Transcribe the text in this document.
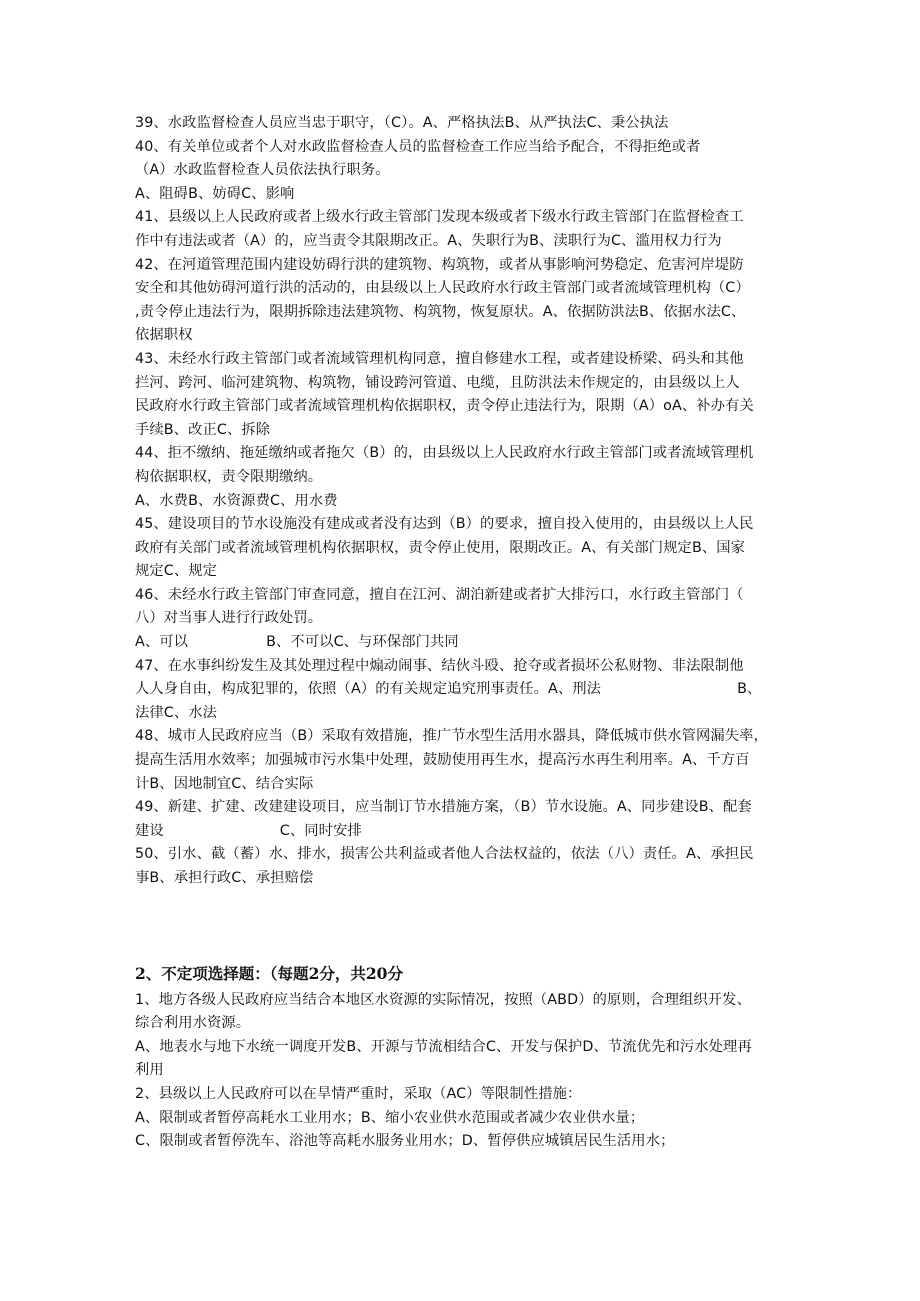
39、水政监督检查人员应当忠于职守，（C）。A、严格执法B、从严执法C、秉公执法
40、有关单位或者个人对水政监督检查人员的监督检查工作应当给予配合，不得拒绝或者
（A）水政监督检查人员依法执行职务。
A、阻碍B、妨碍C、影响
41、县级以上人民政府或者上级水行政主管部门发现本级或者下级水行政主管部门在监督检查工
作中有违法或者（A）的，应当责令其限期改正。A、失职行为B、渎职行为C、滥用权力行为
42、在河道管理范围内建设妨碍行洪的建筑物、构筑物，或者从事影响河势稳定、危害河岸堤防
安全和其他妨碍河道行洪的活动的，由县级以上人民政府水行政主管部门或者流域管理机构（C）
,责令停止违法行为，限期拆除违法建筑物、构筑物，恢复原状。A、依据防洪法B、依据水法C、
依据职权
43、未经水行政主管部门或者流域管理机构同意，擅自修建水工程，或者建设桥梁、码头和其他
拦河、跨河、临河建筑物、构筑物，铺设跨河管道、电缆，且防洪法未作规定的，由县级以上人
民政府水行政主管部门或者流域管理机构依据职权，责令停止违法行为，限期（A）oA、补办有关
手续B、改正C、拆除
44、拒不缴纳、拖延缴纳或者拖欠（B）的，由县级以上人民政府水行政主管部门或者流域管理机
构依据职权，责令限期缴纳。
A、水费B、水资源费C、用水费
45、建设项目的节水设施没有建成或者没有达到（B）的要求，擅自投入使用的，由县级以上人民
政府有关部门或者流域管理机构依据职权，责令停止使用，限期改正。A、有关部门规定B、国家
规定C、规定
46、未经水行政主管部门审查同意，擅自在江河、湖泊新建或者扩大排污口，水行政主管部门（
八）对当事人进行行政处罚。
A、可以	B、不可以C、与环保部门共同
47、在水事纠纷发生及其处理过程中煽动闹事、结伙斗殴、抢夺或者损坏公私财物、非法限制他
人人身自由，构成犯罪的，依照（A）的有关规定追究刑事责任。A、刑法	B、
法律C、水法
48、城市人民政府应当（B）采取有效措施，推广节水型生活用水器具，降低城市供水管网漏失率，
提高生活用水效率；加强城市污水集中处理，鼓励使用再生水，提高污水再生利用率。A、千方百
计B、因地制宜C、结合实际
49、新建、扩建、改建建设项目，应当制订节水措施方案，（B）节水设施。A、同步建设B、配套
建设	C、同时安排
50、引水、截（蓄）水、排水，损害公共利益或者他人合法权益的，依法（八）责任。A、承担民
事B、承担行政C、承担赔偿
2、不定项选择题：（每题2分，共20分
1、地方各级人民政府应当结合本地区水资源的实际情况，按照（ABD）的原则，合理组织开发、
综合利用水资源。
A、地表水与地下水统一调度开发B、开源与节流相结合C、开发与保护D、节流优先和污水处理再
利用
2、县级以上人民政府可以在旱情严重时，采取（AC）等限制性措施：
A、限制或者暂停高耗水工业用水；B、缩小农业供水范围或者减少农业供水量；
C、限制或者暂停洗车、浴池等高耗水服务业用水；D、暂停供应城镇居民生活用水；
